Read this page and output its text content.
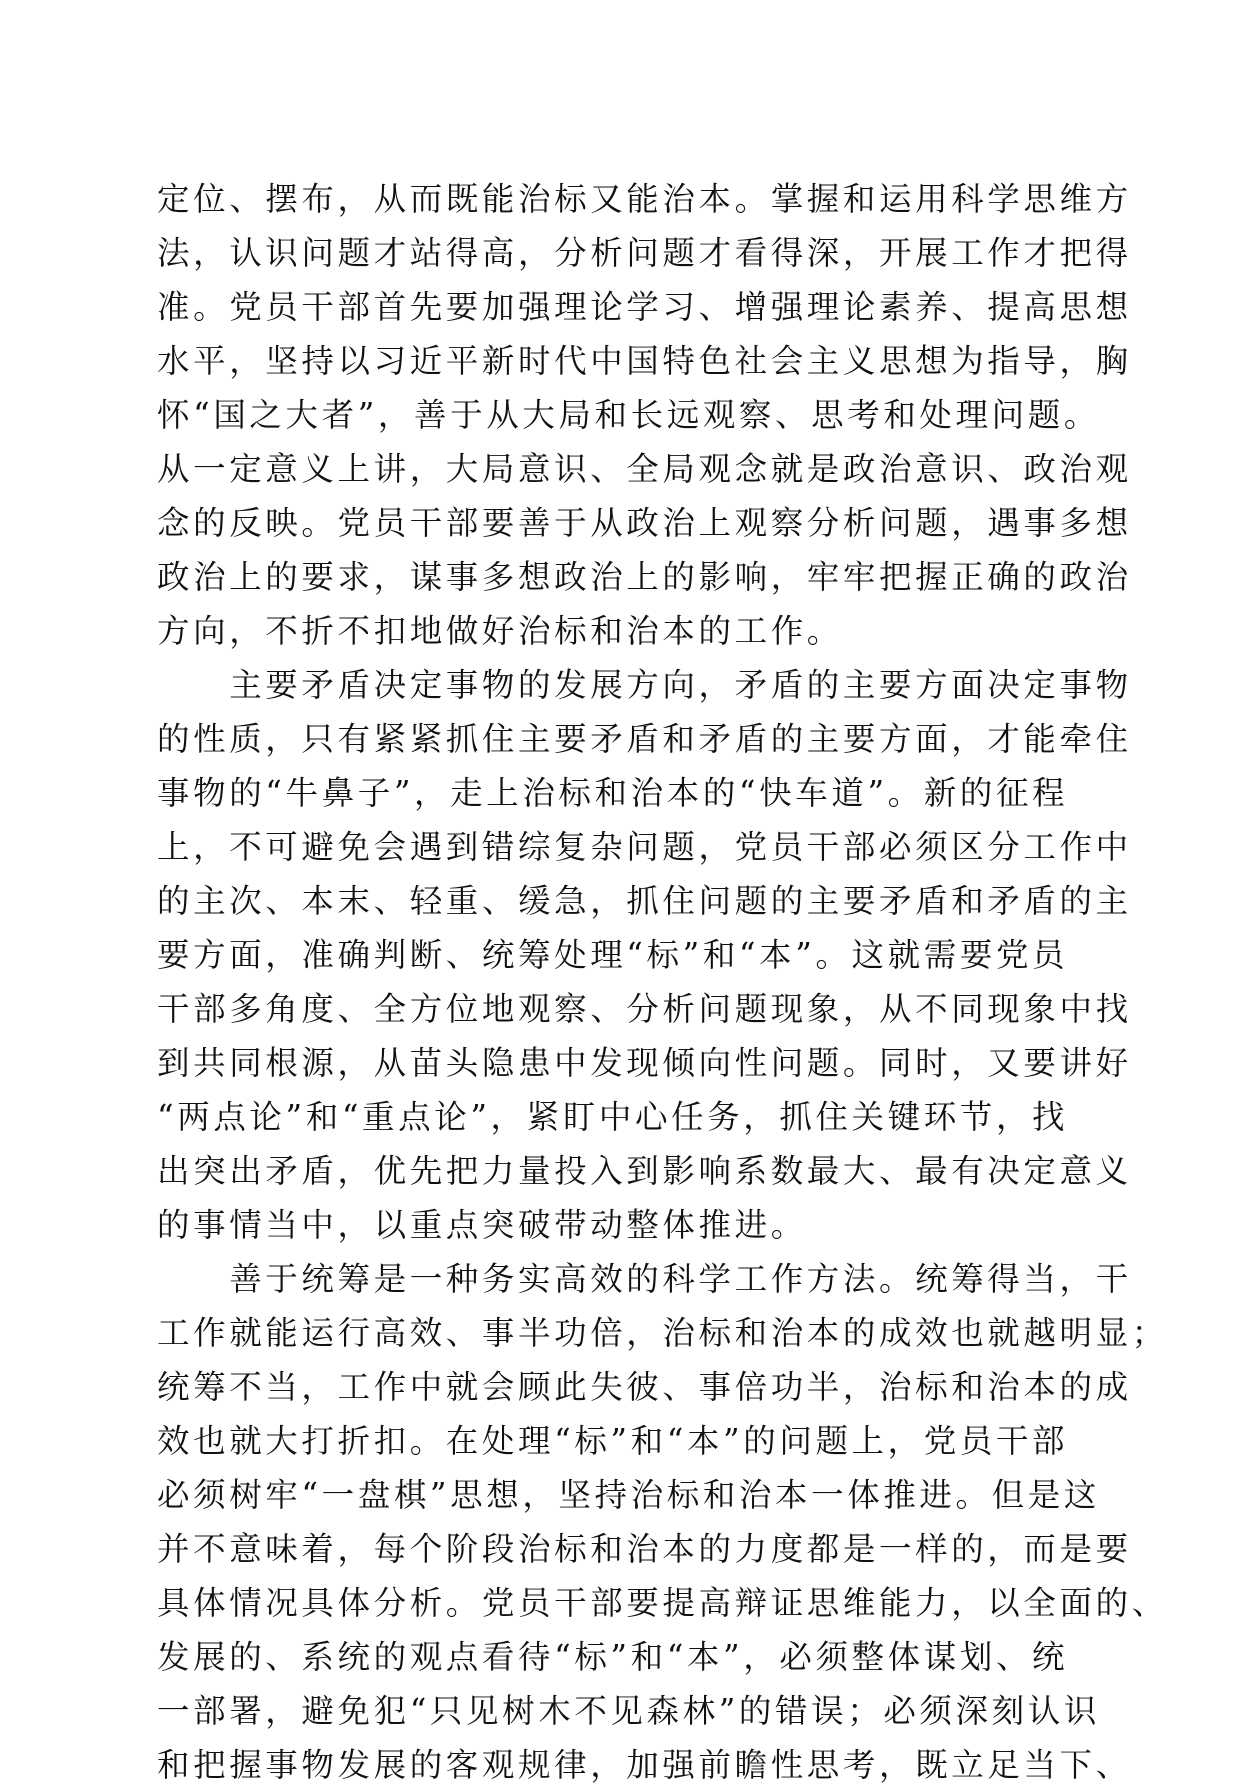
定位、摆布，从而既能治标又能治本。掌握和运用科学思维方
法，认识问题才站得高，分析问题才看得深，开展工作才把得
准。党员干部首先要加强理论学习、增强理论素养、提高思想
水平，坚持以习近平新时代中国特色社会主义思想为指导，胸
怀“国之大者”，善于从大局和长远观察、思考和处理问题。
从一定意义上讲，大局意识、全局观念就是政治意识、政治观
念的反映。党员干部要善于从政治上观察分析问题，遇事多想
政治上的要求，谋事多想政治上的影响，牢牢把握正确的政治
方向，不折不扣地做好治标和治本的工作。
　　主要矛盾决定事物的发展方向，矛盾的主要方面决定事物
的性质，只有紧紧抓住主要矛盾和矛盾的主要方面，才能牵住
事物的“牛鼻子”，走上治标和治本的“快车道”。新的征程
上，不可避免会遇到错综复杂问题，党员干部必须区分工作中
的主次、本末、轻重、缓急，抓住问题的主要矛盾和矛盾的主
要方面，准确判断、统筹处理“标”和“本”。这就需要党员
干部多角度、全方位地观察、分析问题现象，从不同现象中找
到共同根源，从苗头隐患中发现倾向性问题。同时，又要讲好
“两点论”和“重点论”，紧盯中心任务，抓住关键环节，找
出突出矛盾，优先把力量投入到影响系数最大、最有决定意义
的事情当中，以重点突破带动整体推进。
　　善于统筹是一种务实高效的科学工作方法。统筹得当，干
工作就能运行高效、事半功倍，治标和治本的成效也就越明显；
统筹不当，工作中就会顾此失彼、事倍功半，治标和治本的成
效也就大打折扣。在处理“标”和“本”的问题上，党员干部
必须树牢“一盘棋”思想，坚持治标和治本一体推进。但是这
并不意味着，每个阶段治标和治本的力度都是一样的，而是要
具体情况具体分析。党员干部要提高辩证思维能力，以全面的、
发展的、系统的观点看待“标”和“本”，必须整体谋划、统
一部署，避免犯“只见树木不见森林”的错误；必须深刻认识
和把握事物发展的客观规律，加强前瞻性思考，既立足当下、
